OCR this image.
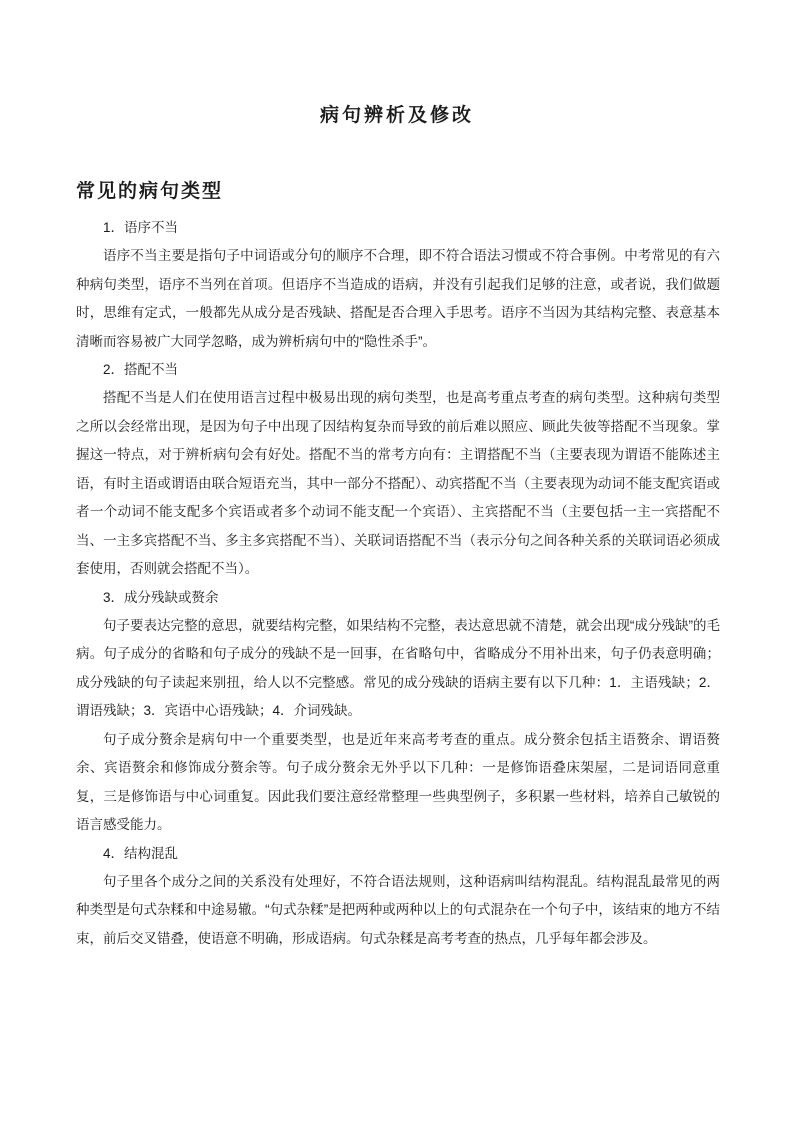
病句辨析及修改
常见的病句类型

1．语序不当

语序不当主要是指句子中词语或分句的顺序不合理，即不符合语法习惯或不符合事例。中考常见的有六种病句类型，语序不当列在首项。但语序不当造成的语病，并没有引起我们足够的注意，或者说，我们做题时，思维有定式，一般都先从成分是否残缺、搭配是否合理入手思考。语序不当因为其结构完整、表意基本清晰而容易被广大同学忽略，成为辨析病句中的“隐性杀手”。

2．搭配不当

搭配不当是人们在使用语言过程中极易出现的病句类型，也是高考重点考查的病句类型。这种病句类型之所以会经常出现，是因为句子中出现了因结构复杂而导致的前后难以照应、顾此失彼等搭配不当现象。掌握这一特点，对于辨析病句会有好处。搭配不当的常考方向有：主谓搭配不当（主要表现为谓语不能陈述主语，有时主语或谓语由联合短语充当，其中一部分不搭配）、动宾搭配不当（主要表现为动词不能支配宾语或者一个动词不能支配多个宾语或者多个动词不能支配一个宾语）、主宾搭配不当（主要包括一主一宾搭配不当、一主多宾搭配不当、多主多宾搭配不当）、关联词语搭配不当（表示分句之间各种关系的关联词语必须成套使用，否则就会搭配不当）。

3．成分残缺或赘余

句子要表达完整的意思，就要结构完整，如果结构不完整，表达意思就不清楚，就会出现“成分残缺”的毛病。句子成分的省略和句子成分的残缺不是一回事，在省略句中，省略成分不用补出来，句子仍表意明确；成分残缺的句子读起来别扭，给人以不完整感。常见的成分残缺的语病主要有以下几种：1．主语残缺；2．谓语残缺；3．宾语中心语残缺；4．介词残缺。

句子成分赘余是病句中一个重要类型，也是近年来高考考查的重点。成分赘余包括主语赘余、谓语赘余、宾语赘余和修饰成分赘余等。句子成分赘余无外乎以下几种：一是修饰语叠床架屋，二是词语同意重复，三是修饰语与中心词重复。因此我们要注意经常整理一些典型例子，多积累一些材料，培养自己敏锐的语言感受能力。

4．结构混乱

句子里各个成分之间的关系没有处理好，不符合语法规则，这种语病叫结构混乱。结构混乱最常见的两种类型是句式杂糅和中途易辙。“句式杂糅”是把两种或两种以上的句式混杂在一个句子中，该结束的地方不结束，前后交叉错叠，使语意不明确，形成语病。句式杂糅是高考考查的热点，几乎每年都会涉及。
